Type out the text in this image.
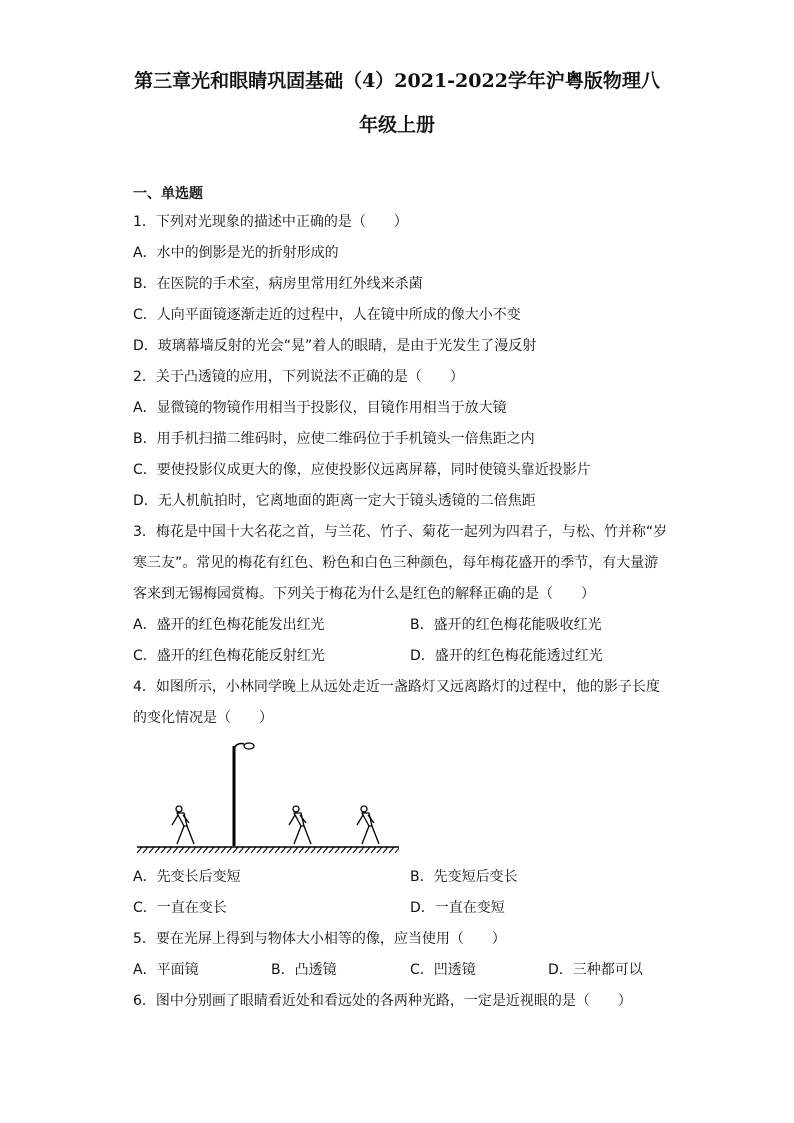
第三章光和眼睛巩固基础（4）2021-2022学年沪粤版物理八
年级上册
一、单选题
1．下列对光现象的描述中正确的是（　　）
A．水中的倒影是光的折射形成的
B．在医院的手术室，病房里常用红外线来杀菌
C．人向平面镜逐渐走近的过程中，人在镜中所成的像大小不变
D．玻璃幕墙反射的光会“晃”着人的眼睛，是由于光发生了漫反射
2．关于凸透镜的应用，下列说法不正确的是（　　）
A．显微镜的物镜作用相当于投影仪，目镜作用相当于放大镜
B．用手机扫描二维码时，应使二维码位于手机镜头一倍焦距之内
C．要使投影仪成更大的像，应使投影仪远离屏幕，同时使镜头靠近投影片
D．无人机航拍时，它离地面的距离一定大于镜头透镜的二倍焦距
3．梅花是中国十大名花之首，与兰花、竹子、菊花一起列为四君子，与松、竹并称“岁
寒三友”。常见的梅花有红色、粉色和白色三种颜色，每年梅花盛开的季节，有大量游
客来到无锡梅园赏梅。下列关于梅花为什么是红色的解释正确的是（　　）
A．盛开的红色梅花能发出红光	B．盛开的红色梅花能吸收红光
C．盛开的红色梅花能反射红光	D．盛开的红色梅花能透过红光
4．如图所示，小林同学晚上从远处走近一盏路灯又远离路灯的过程中，他的影子长度
的变化情况是（　　）
A．先变长后变短	B．先变短后变长
C．一直在变长	D．一直在变短
5．要在光屏上得到与物体大小相等的像，应当使用（　　）
A．平面镜	B．凸透镜	C．凹透镜	D．三种都可以
6．图中分别画了眼睛看近处和看远处的各两种光路，一定是近视眼的是（　　）
